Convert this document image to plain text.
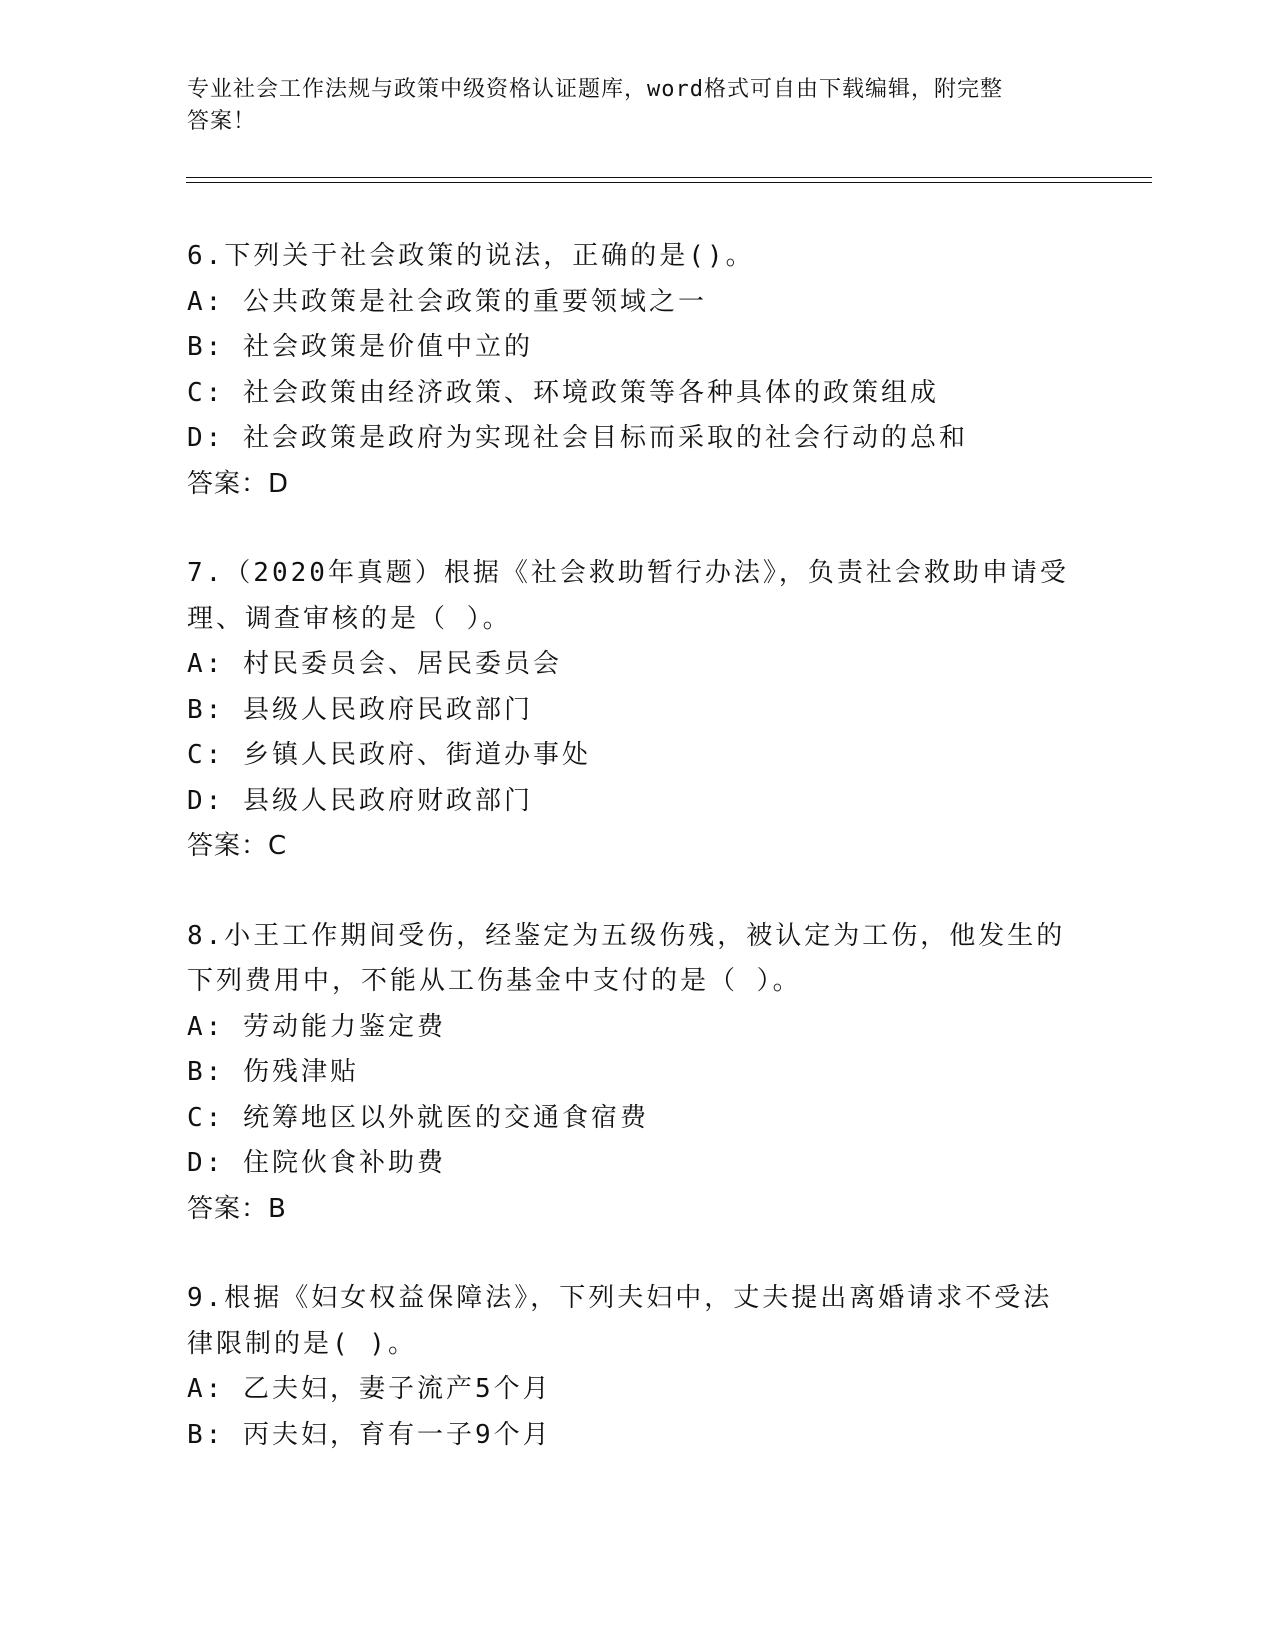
专业社会工作法规与政策中级资格认证题库，word格式可自由下载编辑，附完整
答案！
6.下列关于社会政策的说法，正确的是()。
A: 公共政策是社会政策的重要领域之一
B: 社会政策是价值中立的
C: 社会政策由经济政策、环境政策等各种具体的政策组成
D: 社会政策是政府为实现社会目标而采取的社会行动的总和
答案：D
7.（2020年真题）根据《社会救助暂行办法》，负责社会救助申请受
理、调查审核的是（ ）。
A: 村民委员会、居民委员会
B: 县级人民政府民政部门
C: 乡镇人民政府、街道办事处
D: 县级人民政府财政部门
答案：C
8.小王工作期间受伤，经鉴定为五级伤残，被认定为工伤，他发生的
下列费用中，不能从工伤基金中支付的是（ ）。
A: 劳动能力鉴定费
B: 伤残津贴
C: 统筹地区以外就医的交通食宿费
D: 住院伙食补助费
答案：B
9.根据《妇女权益保障法》，下列夫妇中，丈夫提出离婚请求不受法
律限制的是( )。
A: 乙夫妇，妻子流产5个月
B: 丙夫妇，育有一子9个月
